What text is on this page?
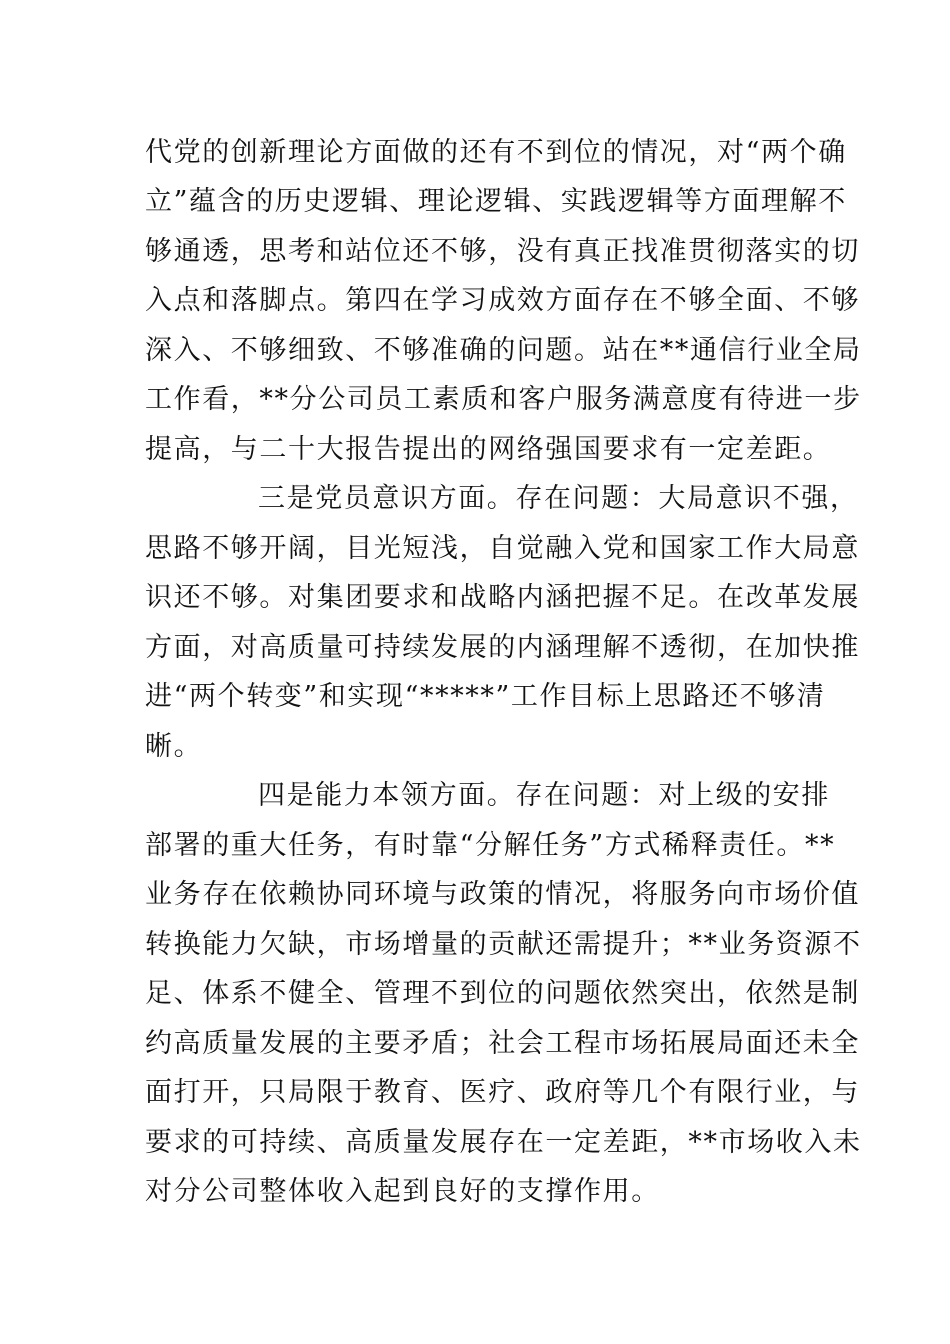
代党的创新理论方面做的还有不到位的情况，对“两个确

立”蕴含的历史逻辑、理论逻辑、实践逻辑等方面理解不

够通透，思考和站位还不够，没有真正找准贯彻落实的切

入点和落脚点。第四在学习成效方面存在不够全面、不够

深入、不够细致、不够准确的问题。站在**通信行业全局

工作看，**分公司员工素质和客户服务满意度有待进一步

提高，与二十大报告提出的网络强国要求有一定差距。

三是党员意识方面。存在问题：大局意识不强，

思路不够开阔，目光短浅，自觉融入党和国家工作大局意

识还不够。对集团要求和战略内涵把握不足。在改革发展

方面，对高质量可持续发展的内涵理解不透彻，在加快推

进“两个转变”和实现“*****”工作目标上思路还不够清

晰。

四是能力本领方面。存在问题：对上级的安排

部署的重大任务，有时靠“分解任务”方式稀释责任。**

业务存在依赖协同环境与政策的情况，将服务向市场价值

转换能力欠缺，市场增量的贡献还需提升；**业务资源不

足、体系不健全、管理不到位的问题依然突出，依然是制

约高质量发展的主要矛盾；社会工程市场拓展局面还未全

面打开，只局限于教育、医疗、政府等几个有限行业，与

要求的可持续、高质量发展存在一定差距，**市场收入未

对分公司整体收入起到良好的支撑作用。
